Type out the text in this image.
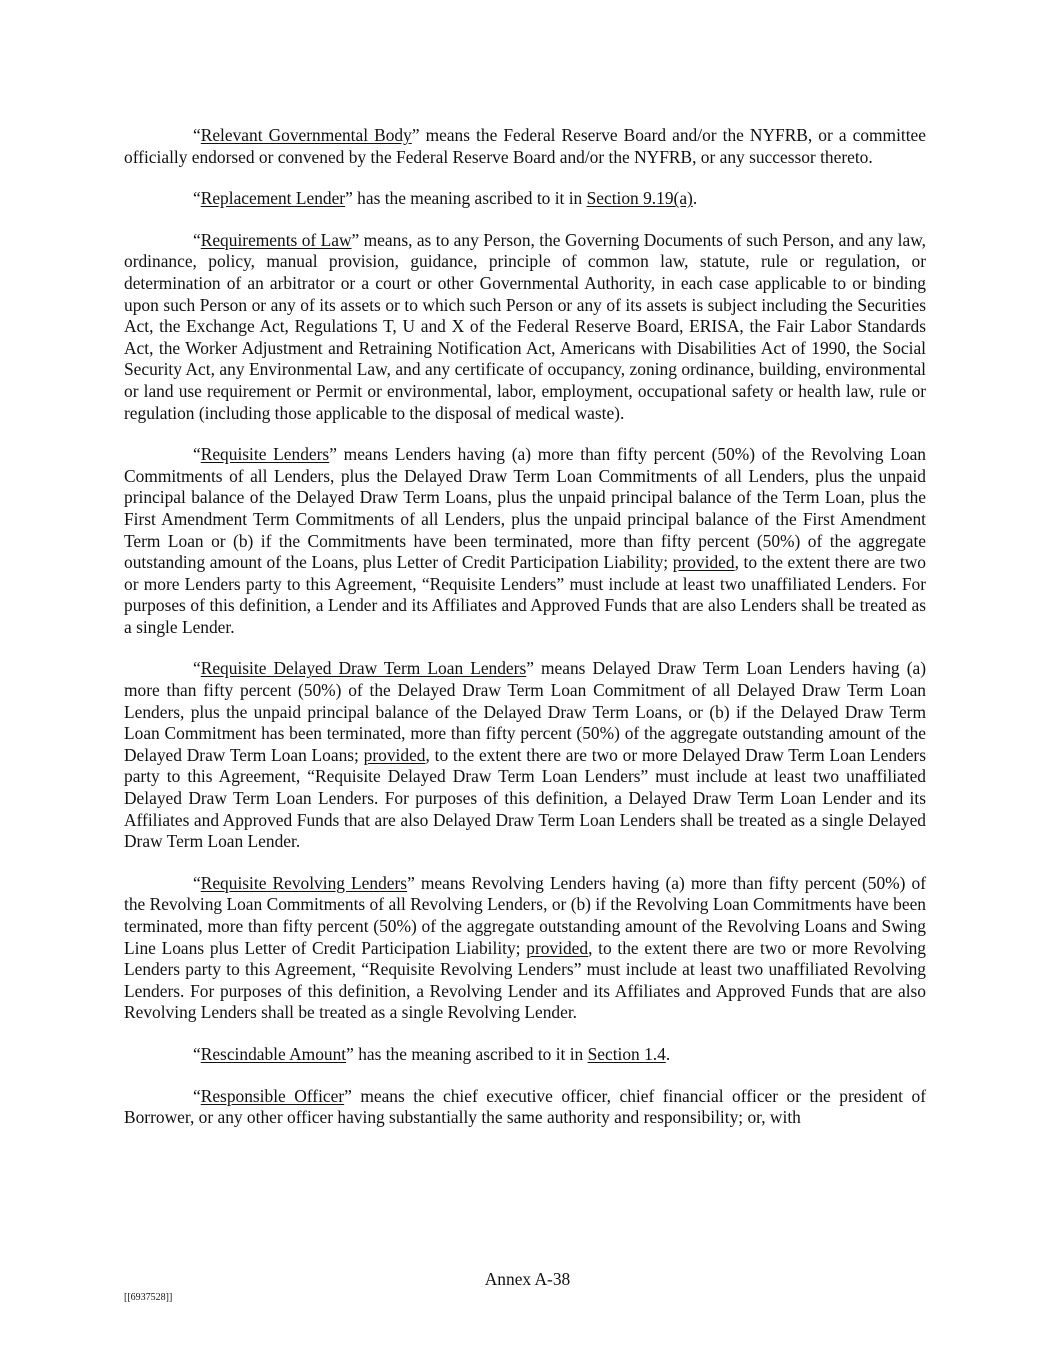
“Relevant Governmental Body” means the Federal Reserve Board and/or the NYFRB, or a committee officially endorsed or convened by the Federal Reserve Board and/or the NYFRB, or any successor thereto.

“Replacement Lender” has the meaning ascribed to it in Section 9.19(a).

“Requirements of Law” means, as to any Person, the Governing Documents of such Person, and any law, ordinance, policy, manual provision, guidance, principle of common law, statute, rule or regulation, or determination of an arbitrator or a court or other Governmental Authority, in each case applicable to or binding upon such Person or any of its assets or to which such Person or any of its assets is subject including the Securities Act, the Exchange Act, Regulations T, U and X of the Federal Reserve Board, ERISA, the Fair Labor Standards Act, the Worker Adjustment and Retraining Notification Act, Americans with Disabilities Act of 1990, the Social Security Act, any Environmental Law, and any certificate of occupancy, zoning ordinance, building, environmental or land use requirement or Permit or environmental, labor, employment, occupational safety or health law, rule or regulation (including those applicable to the disposal of medical waste).

“Requisite Lenders” means Lenders having (a) more than fifty percent (50%) of the Revolving Loan Commitments of all Lenders, plus the Delayed Draw Term Loan Commitments of all Lenders, plus the unpaid principal balance of the Delayed Draw Term Loans, plus the unpaid principal balance of the Term Loan, plus the First Amendment Term Commitments of all Lenders, plus the unpaid principal balance of the First Amendment Term Loan or (b) if the Commitments have been terminated, more than fifty percent (50%) of the aggregate outstanding amount of the Loans, plus Letter of Credit Participation Liability; provided, to the extent there are two or more Lenders party to this Agreement, “Requisite Lenders” must include at least two unaffiliated Lenders. For purposes of this definition, a Lender and its Affiliates and Approved Funds that are also Lenders shall be treated as a single Lender.

“Requisite Delayed Draw Term Loan Lenders” means Delayed Draw Term Loan Lenders having (a) more than fifty percent (50%) of the Delayed Draw Term Loan Commitment of all Delayed Draw Term Loan Lenders, plus the unpaid principal balance of the Delayed Draw Term Loans, or (b) if the Delayed Draw Term Loan Commitment has been terminated, more than fifty percent (50%) of the aggregate outstanding amount of the Delayed Draw Term Loan Loans; provided, to the extent there are two or more Delayed Draw Term Loan Lenders party to this Agreement, “Requisite Delayed Draw Term Loan Lenders” must include at least two unaffiliated Delayed Draw Term Loan Lenders. For purposes of this definition, a Delayed Draw Term Loan Lender and its Affiliates and Approved Funds that are also Delayed Draw Term Loan Lenders shall be treated as a single Delayed Draw Term Loan Lender.

“Requisite Revolving Lenders” means Revolving Lenders having (a) more than fifty percent (50%) of the Revolving Loan Commitments of all Revolving Lenders, or (b) if the Revolving Loan Commitments have been terminated, more than fifty percent (50%) of the aggregate outstanding amount of the Revolving Loans and Swing Line Loans plus Letter of Credit Participation Liability; provided, to the extent there are two or more Revolving Lenders party to this Agreement, “Requisite Revolving Lenders” must include at least two unaffiliated Revolving Lenders. For purposes of this definition, a Revolving Lender and its Affiliates and Approved Funds that are also Revolving Lenders shall be treated as a single Revolving Lender.

“Rescindable Amount” has the meaning ascribed to it in Section 1.4.

“Responsible Officer” means the chief executive officer, chief financial officer or the president of Borrower, or any other officer having substantially the same authority and responsibility; or, with

Annex A-38
[[6937528]]
